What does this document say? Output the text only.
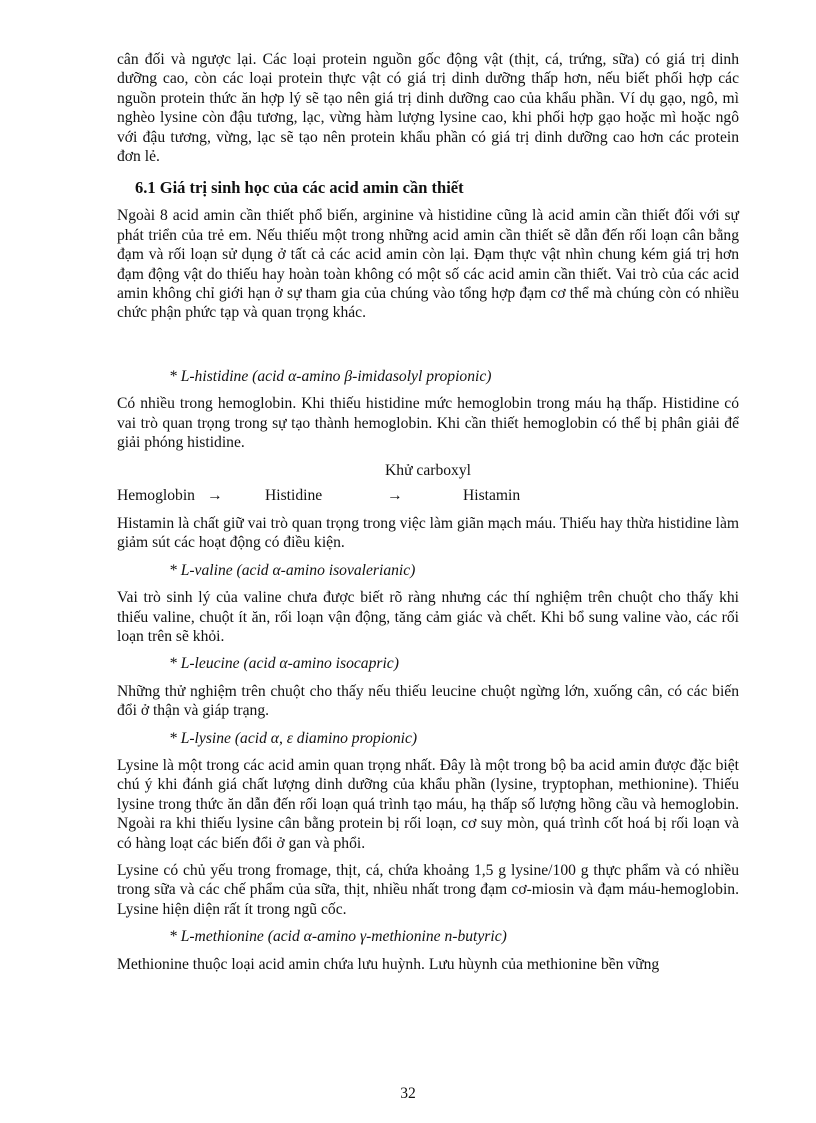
cân đối và ngược lại. Các loại protein nguồn gốc động vật (thịt, cá, trứng, sữa) có giá trị dinh dưỡng cao, còn các loại protein thực vật có giá trị dinh dưỡng thấp hơn, nếu biết phối hợp các nguồn protein thức ăn hợp lý sẽ tạo nên giá trị dinh dưỡng cao của khẩu phần. Ví dụ gạo, ngô, mì nghèo lysine còn đậu tương, lạc, vừng hàm lượng lysine cao, khi phối hợp gạo hoặc mì hoặc ngô với đậu tương, vừng, lạc sẽ tạo nên protein khẩu phần có giá trị dinh dưỡng cao hơn các protein đơn lẻ.

6.1 Giá trị sinh học của các acid amin cần thiết

Ngoài 8 acid amin cần thiết phổ biến, arginine và histidine cũng là acid amin cần thiết đối với sự phát triển của trẻ em. Nếu thiếu một trong những acid amin cần thiết sẽ dẫn đến rối loạn cân bằng đạm và rối loạn sử dụng ở tất cả các acid amin còn lại. Đạm thực vật nhìn chung kém giá trị hơn đạm động vật do thiếu hay hoàn toàn không có một số các acid amin cần thiết. Vai trò của các acid amin không chỉ giới hạn ở sự tham gia của chúng vào tổng hợp đạm cơ thể mà chúng còn có nhiều chức phận phức tạp và quan trọng khác.

* L-histidine (acid α-amino β-imidasolyl propionic)

Có nhiều trong hemoglobin. Khi thiếu histidine mức hemoglobin trong máu hạ thấp. Histidine có vai trò quan trọng trong sự tạo thành hemoglobin. Khi cần thiết hemoglobin có thể bị phân giải để giải phóng histidine.

Khử carboxyl
Hemoglobin →	Histidine	→	Histamin

Histamin là chất giữ vai trò quan trọng trong việc làm giãn mạch máu. Thiếu hay thừa histidine làm giảm sút các hoạt động có điều kiện.

* L-valine (acid α-amino isovalerianic)

Vai trò sinh lý của valine chưa được biết rõ ràng nhưng các thí nghiệm trên chuột cho thấy khi thiếu valine, chuột ít ăn, rối loạn vận động, tăng cảm giác và chết. Khi bổ sung valine vào, các rối loạn trên sẽ khỏi.

* L-leucine (acid α-amino isocapric)

Những thử nghiệm trên chuột cho thấy nếu thiếu leucine chuột ngừng lớn, xuống cân, có các biến đổi ở thận và giáp trạng.

* L-lysine (acid α, ε diamino propionic)

Lysine là một trong các acid amin quan trọng nhất. Đây là một trong bộ ba acid amin được đặc biệt chú ý khi đánh giá chất lượng dinh dưỡng của khẩu phần (lysine, tryptophan, methionine). Thiếu lysine trong thức ăn dẫn đến rối loạn quá trình tạo máu, hạ thấp số lượng hồng cầu và hemoglobin. Ngoài ra khi thiếu lysine cân bằng protein bị rối loạn, cơ suy mòn, quá trình cốt hoá bị rối loạn và có hàng loạt các biến đổi ở gan và phổi.

Lysine có chủ yếu trong fromage, thịt, cá, chứa khoảng 1,5 g lysine/100 g thực phẩm và có nhiều trong sữa và các chế phẩm của sữa, thịt, nhiều nhất trong đạm cơ-miosin và đạm máu-hemoglobin. Lysine hiện diện rất ít trong ngũ cốc.

* L-methionine (acid α-amino γ-methionine n-butyric)

Methionine thuộc loại acid amin chứa lưu huỳnh. Lưu hùynh của methionine bền vững

32
